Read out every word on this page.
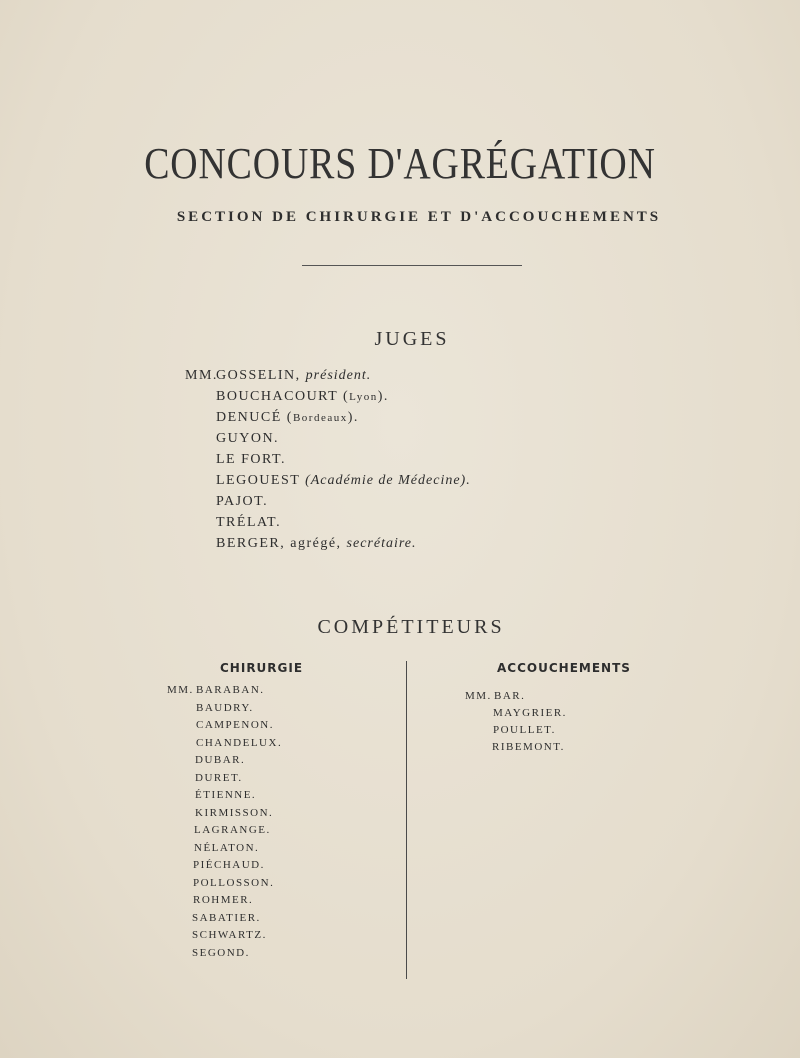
CONCOURS D'AGRÉGATION
SECTION DE CHIRURGIE ET D'ACCOUCHEMENTS
JUGES
MM.
GOSSELIN, président.
BOUCHACOURT (Lyon).
DENUCÉ (Bordeaux).
GUYON.
LE FORT.
LEGOUEST (Académie de Médecine).
PAJOT.
TRÉLAT.
BERGER, agrégé, secrétaire.
COMPÉTITEURS
CHIRURGIE	ACCOUCHEMENTS
MM. BARABAN.
BAUDRY.
CAMPENON.
CHANDELUX.
DUBAR.
DURET.
ÉTIENNE.
KIRMISSON.
LAGRANGE.
NÉLATON.
PIÉCHAUD.
POLLOSSON.
ROHMER.
SABATIER.
SCHWARTZ.
SEGOND.
MM. BAR.
MAYGRIER.
POULLET.
RIBEMONT.
